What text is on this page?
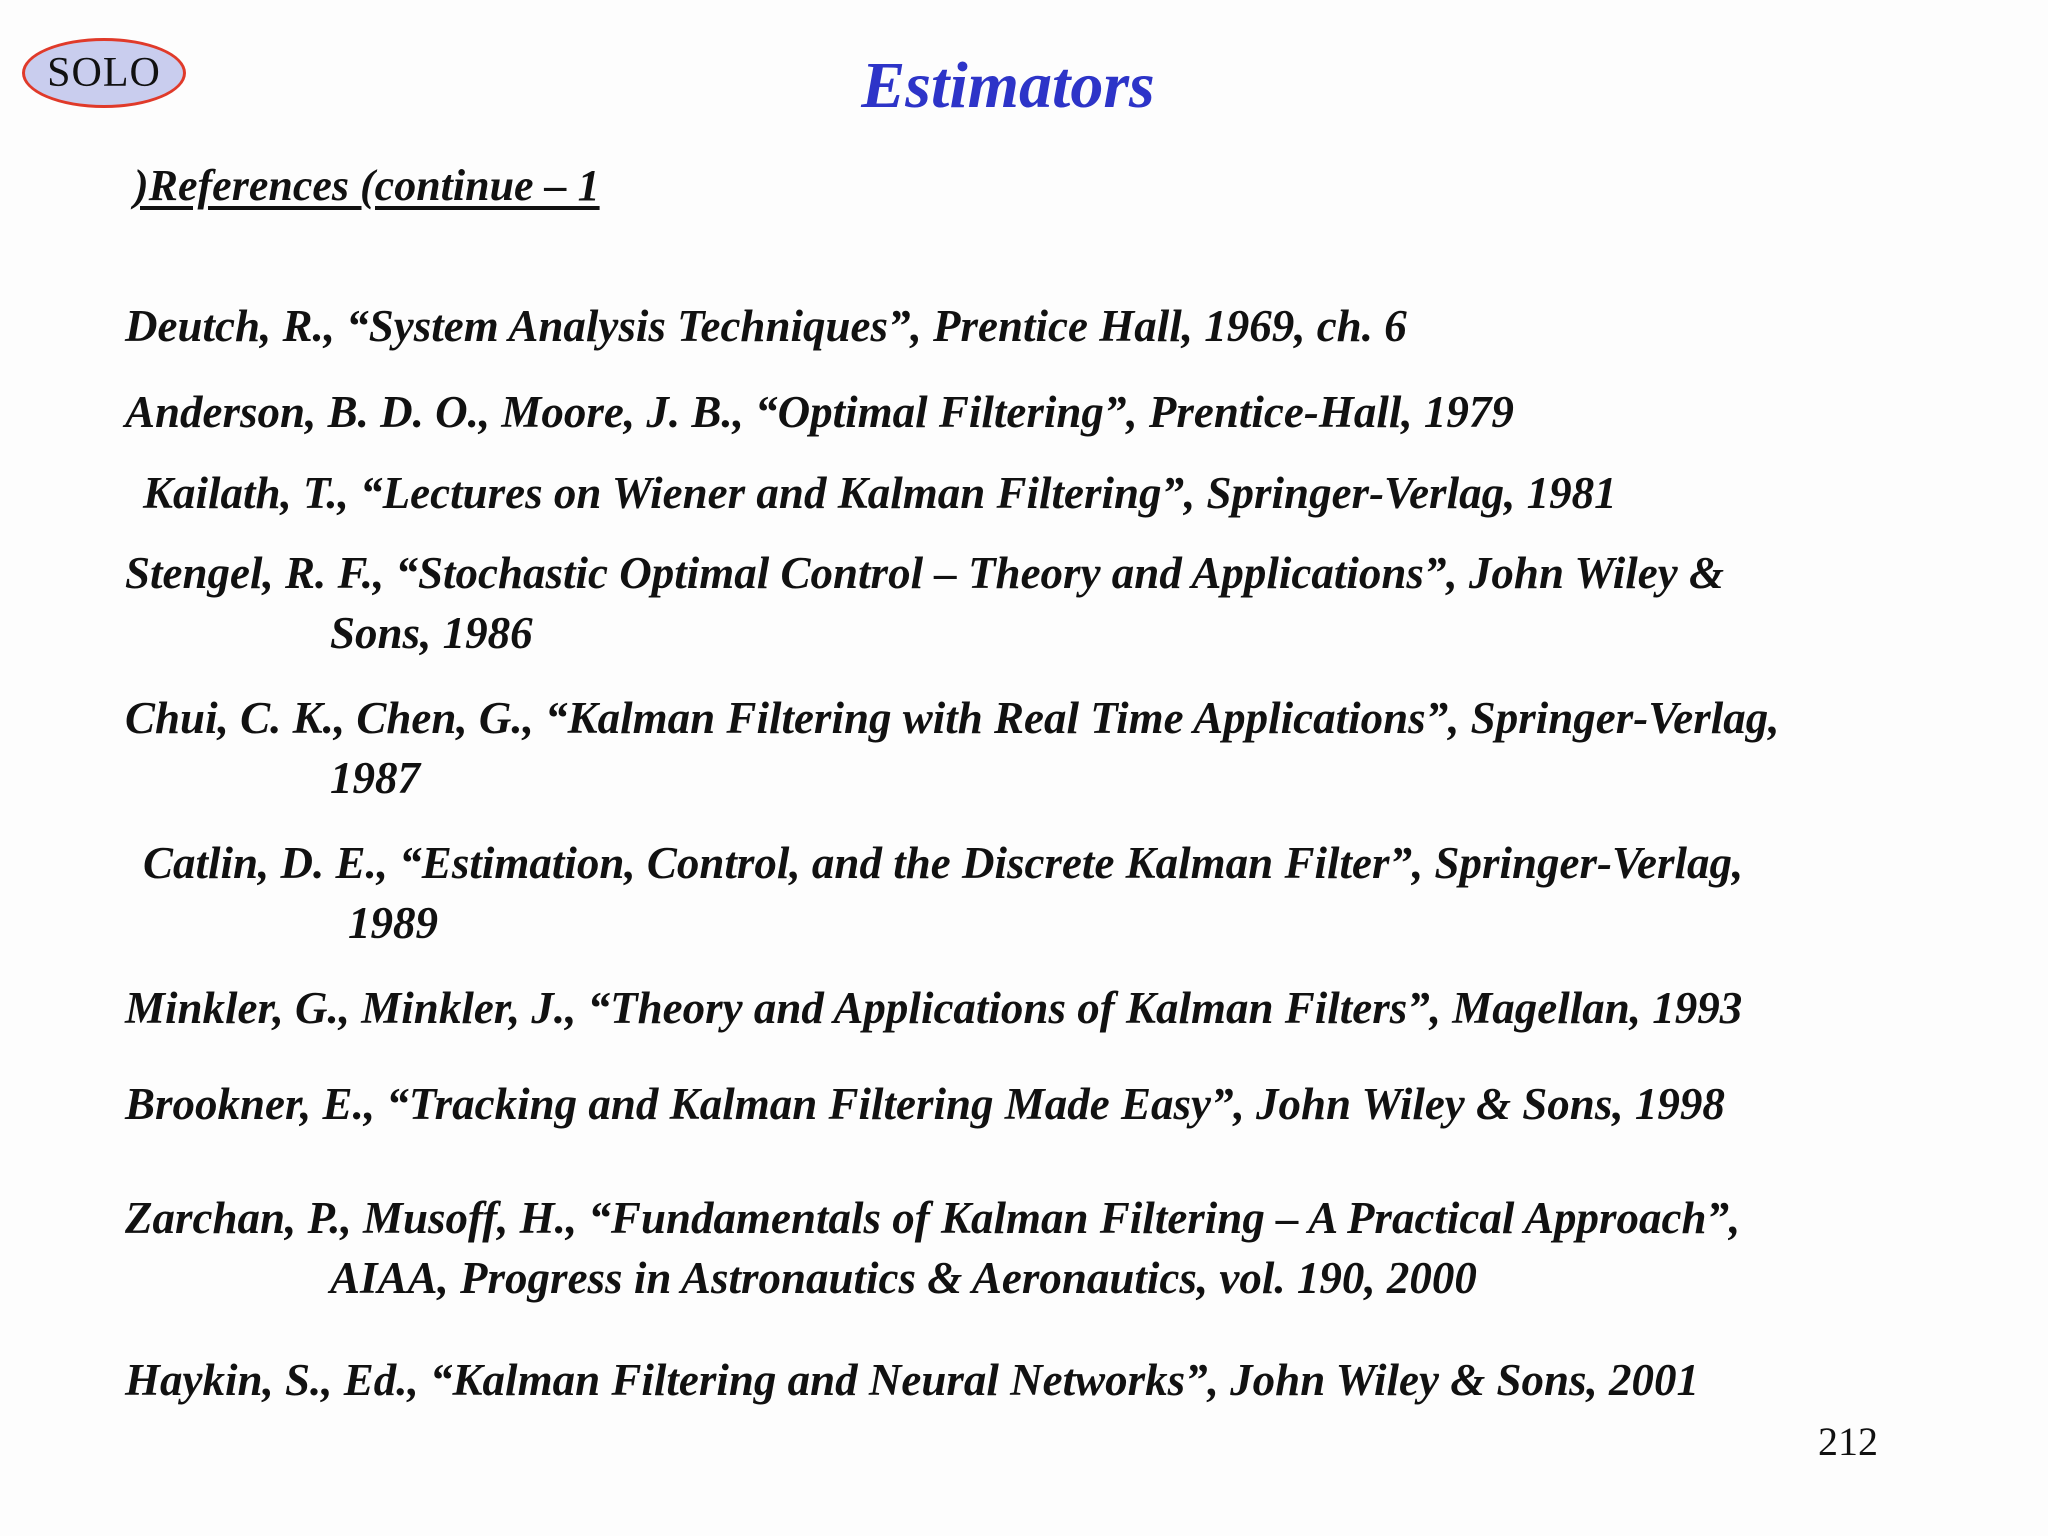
SOLO	Estimators
)References (continue – 1
Deutch, R., “System Analysis Techniques”, Prentice Hall, 1969, ch. 6
Anderson, B. D. O., Moore, J. B., “Optimal Filtering”, Prentice-Hall, 1979
Kailath, T., “Lectures on Wiener and Kalman Filtering”, Springer-Verlag, 1981
Stengel, R. F., “Stochastic Optimal Control – Theory and Applications”, John Wiley &
Sons, 1986
Chui, C. K., Chen, G., “Kalman Filtering with Real Time Applications”, Springer-Verlag,
1987
Catlin, D. E., “Estimation, Control, and the Discrete Kalman Filter”, Springer-Verlag,
1989
Minkler, G., Minkler, J., “Theory and Applications of Kalman Filters”, Magellan, 1993
Brookner, E., “Tracking and Kalman Filtering Made Easy”, John Wiley & Sons, 1998
Zarchan, P., Musoff, H., “Fundamentals of Kalman Filtering – A Practical Approach”,
AIAA, Progress in Astronautics & Aeronautics, vol. 190, 2000
Haykin, S., Ed., “Kalman Filtering and Neural Networks”, John Wiley & Sons, 2001
212
